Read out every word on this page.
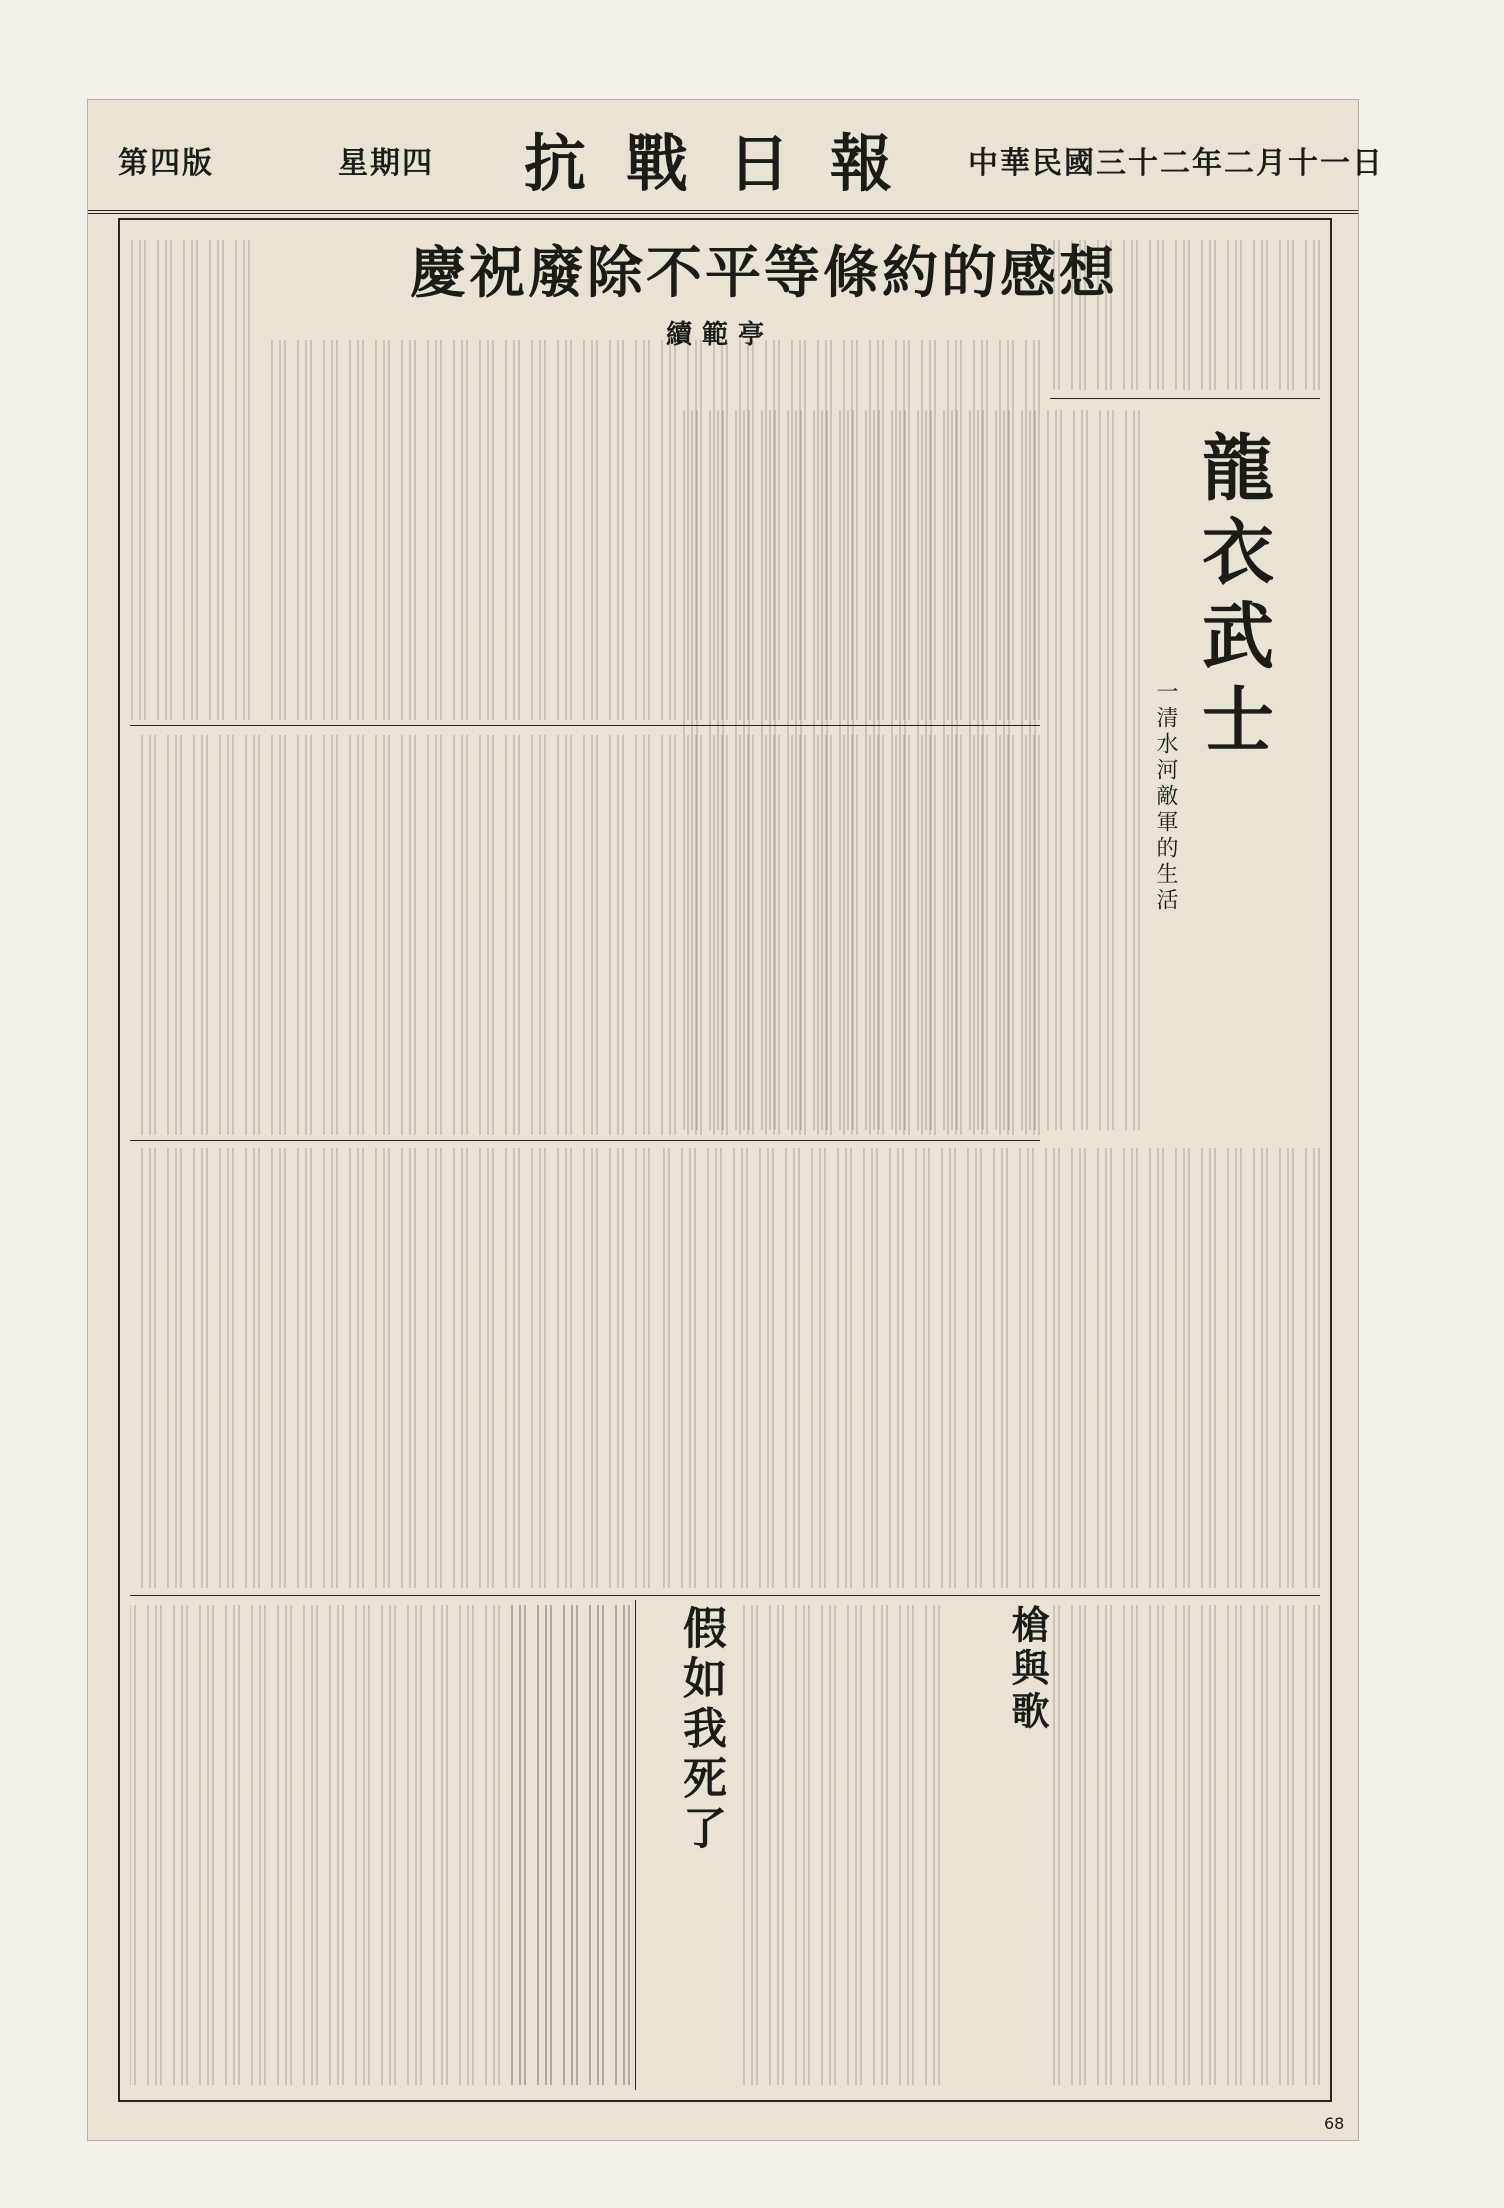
第四版	星期四 抗戰日報 中華民國三十二年二月十一日
慶祝廢除不平等條約的感想
續範亭
龍衣武士
一清水河敵軍的生活
假如我死了	槍與歌
68
